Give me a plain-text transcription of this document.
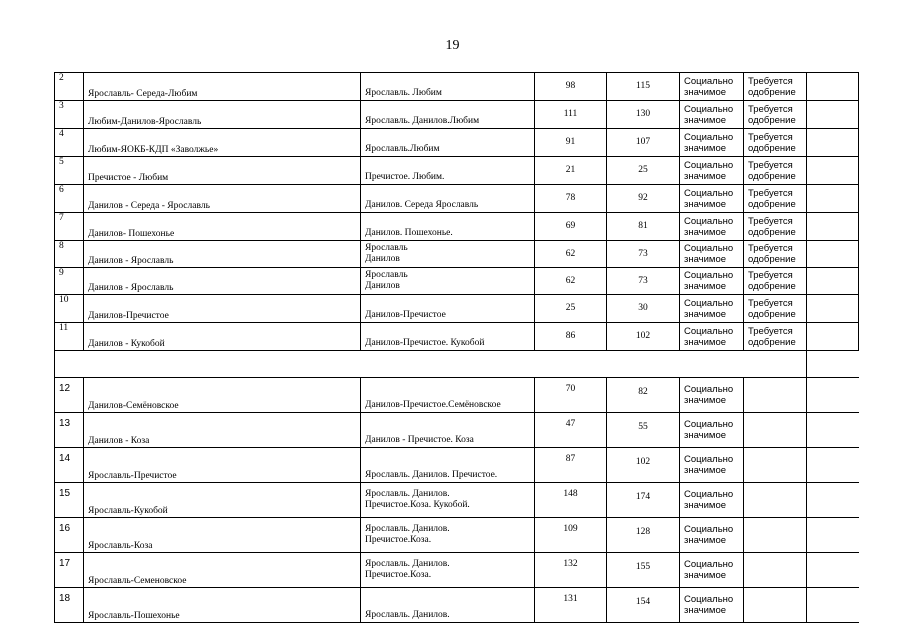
19
2	Ярославль- Середа-Любим	Ярославль. Любим	98	115	Социально значимое	Требуется одобрение	
3	Любим-Данилов-Ярославль	Ярославль. Данилов.Любим	111	130	Социально значимое	Требуется одобрение	
4	Любим-ЯОКБ-КДП «Заволжье»	Ярославль.Любим	91	107	Социально значимое	Требуется одобрение	
5	Пречистое - Любим	Пречистое. Любим.	21	25	Социально значимое	Требуется одобрение	
6	Данилов - Середа - Ярославль	Данилов. Середа Ярославль	78	92	Социально значимое	Требуется одобрение	
7	Данилов- Пошехонье	Данилов. Пошехонье.	69	81	Социально значимое	Требуется одобрение	
8	Данилов - Ярославль	Ярославль
Данилов	62	73	Социально значимое	Требуется одобрение	
9	Данилов - Ярославль	Ярославль
Данилов	62	73	Социально значимое	Требуется одобрение	
10	Данилов-Пречистое	Данилов-Пречистое	25	30	Социально значимое	Требуется одобрение	
11	Данилов - Кукобой	Данилов-Пречистое. Кукобой	86	102	Социально значимое	Требуется одобрение	

12	Данилов-Семёновское	Данилов-Пречистое.Семёновское	70	82	Социально значимое		
13	Данилов - Коза	Данилов - Пречистое. Коза	47	55	Социально значимое		
14	Ярославль-Пречистое	Ярославль. Данилов. Пречистое.	87	102	Социально значимое		
15	Ярославль-Кукобой	Ярославль. Данилов.
Пречистое.Коза. Кукобой.	148	174	Социально значимое		
16	Ярославль-Коза	Ярославль. Данилов.
Пречистое.Коза.	109	128	Социально значимое		
17	Ярославль-Семеновское	Ярославль. Данилов.
Пречистое.Коза.	132	155	Социально значимое		
18	Ярославль-Пошехонье	Ярославль. Данилов.	131	154	Социально значимое		
